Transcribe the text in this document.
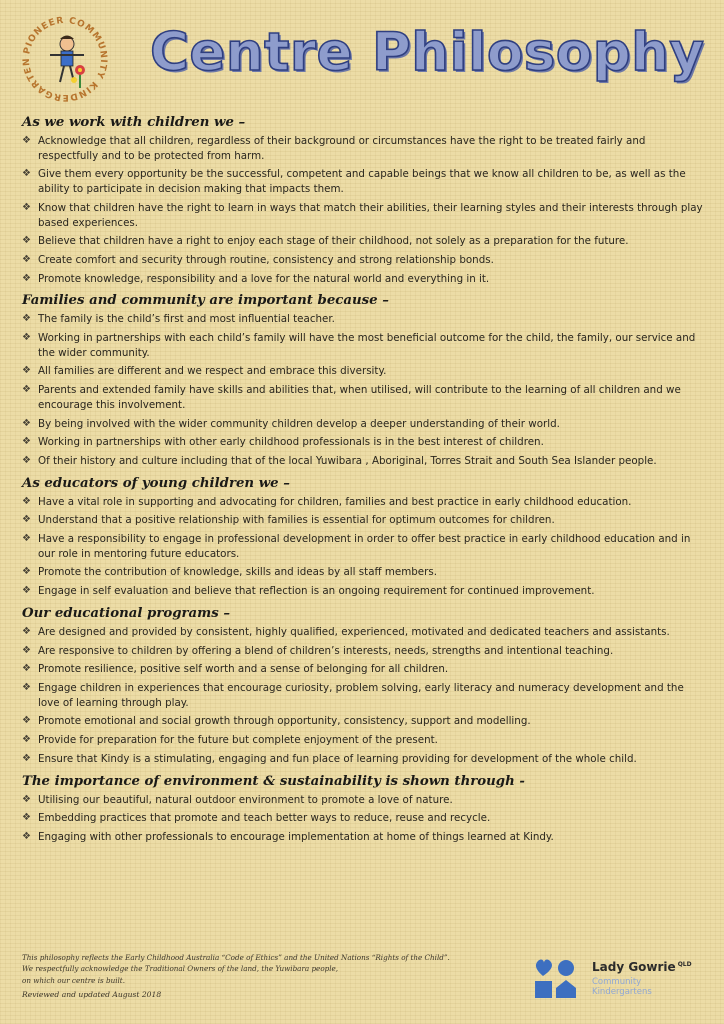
PIONEER COMMUNITY KINDERGARTEN	Centre Philosophy
As we work with children we –
❖ Acknowledge that all children, regardless of their background or circumstances have the right to be treated fairly and respectfully and to be protected from harm.
❖ Give them every opportunity be the successful, competent and capable beings that we know all children to be, as well as the ability to participate in decision making that impacts them.
❖ Know that children have the right to learn in ways that match their abilities, their learning styles and their interests through play based experiences.
❖ Believe that children have a right to enjoy each stage of their childhood, not solely as a preparation for the future.
❖ Create comfort and security through routine, consistency and strong relationship bonds.
❖ Promote knowledge, responsibility and a love for the natural world and everything in it.
Families and community are important because –
❖ The family is the child’s first and most influential teacher.
❖ Working in partnerships with each child’s family will have the most beneficial outcome for the child, the family, our service and the wider community.
❖ All families are different and we respect and embrace this diversity.
❖ Parents and extended family have skills and abilities that, when utilised, will contribute to the learning of all children and we encourage this involvement.
❖ By being involved with the wider community children develop a deeper understanding of their world.
❖ Working in partnerships with other early childhood professionals is in the best interest of children.
❖ Of their history and culture including that of the local Yuwibara , Aboriginal, Torres Strait and South Sea Islander people.
As educators of young children we –
❖ Have a vital role in supporting and advocating for children, families and best practice in early childhood education.
❖ Understand that a positive relationship with families is essential for optimum outcomes for children.
❖ Have a responsibility to engage in professional development in order to offer best practice in early childhood education and in our role in mentoring future educators.
❖ Promote the contribution of knowledge, skills and ideas by all staff members.
❖ Engage in self evaluation and believe that reflection is an ongoing requirement for continued improvement.
Our educational programs –
❖ Are designed and provided by consistent, highly qualified, experienced, motivated and dedicated teachers and assistants.
❖ Are responsive to children by offering a blend of children’s interests, needs, strengths and intentional teaching.
❖ Promote resilience, positive self worth and a sense of belonging for all children.
❖ Engage children in experiences that encourage curiosity, problem solving, early literacy and numeracy development and the love of learning through play.
❖ Promote emotional and social growth through opportunity, consistency, support and modelling.
❖ Provide for preparation for the future but complete enjoyment of the present.
❖ Ensure that Kindy is a stimulating, engaging and fun place of learning providing for development of the whole child.
The importance of environment & sustainability is shown through -
❖ Utilising our beautiful, natural outdoor environment to promote a love of nature.
❖ Embedding practices that promote and teach better ways to reduce, reuse and recycle.
❖ Engaging with other professionals to encourage implementation at home of things learned at Kindy.
This philosophy reflects the Early Childhood Australia “Code of Ethics” and the United Nations “Rights of the Child”.
We respectfully acknowledge the Traditional Owners of the land, the Yuwibara people,
on which our centre is built.
Reviewed and updated August 2018
Lady Gowrie $^{QLD}$
Community
Kindergartens
